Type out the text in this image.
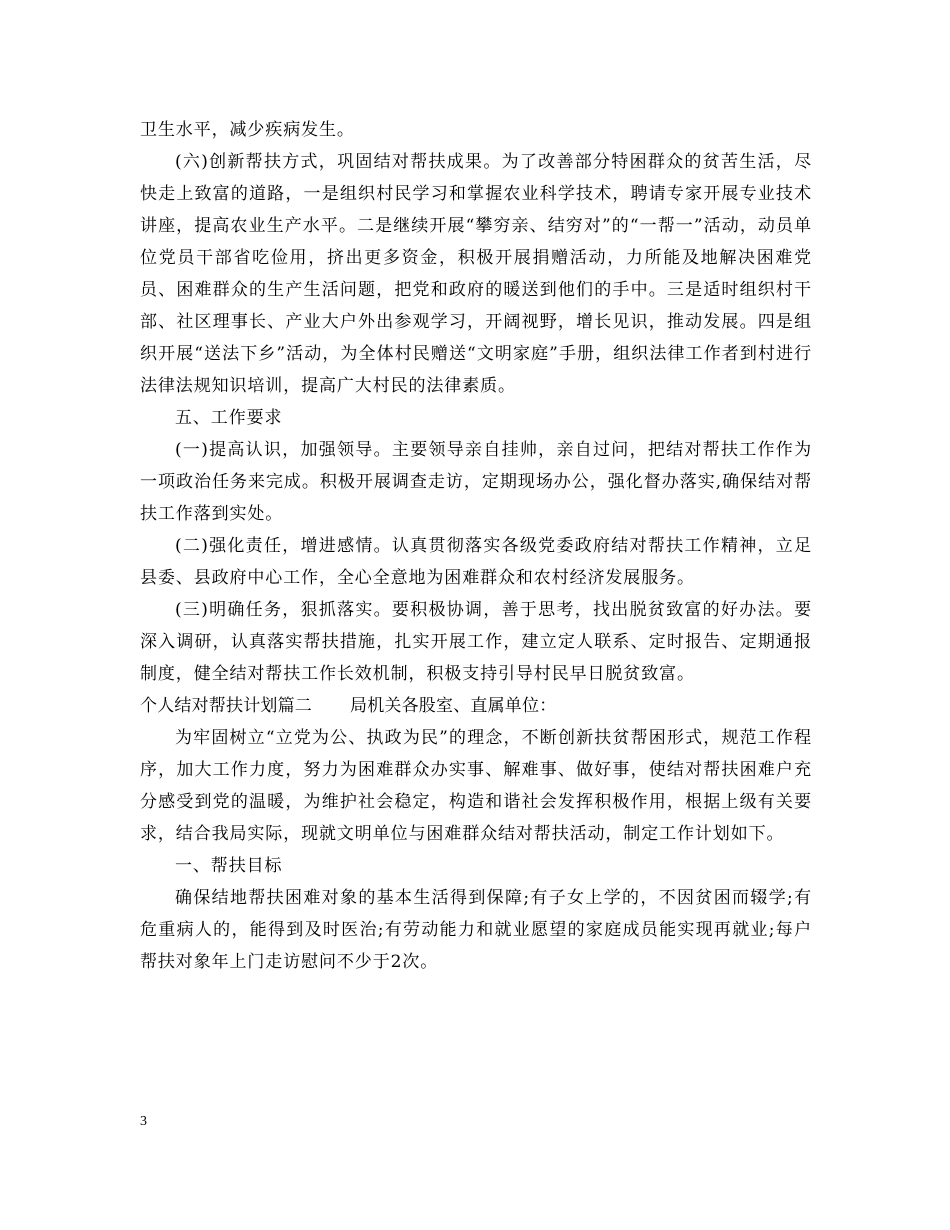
卫生水平，减少疾病发生。

(六)创新帮扶方式，巩固结对帮扶成果。为了改善部分特困群众的贫苦生活，尽快走上致富的道路，一是组织村民学习和掌握农业科学技术，聘请专家开展专业技术讲座，提高农业生产水平。二是继续开展“攀穷亲、结穷对”的“一帮一”活动，动员单位党员干部省吃俭用，挤出更多资金，积极开展捐赠活动，力所能及地解决困难党员、困难群众的生产生活问题，把党和政府的暖送到他们的手中。三是适时组织村干部、社区理事长、产业大户外出参观学习，开阔视野，增长见识，推动发展。四是组织开展“送法下乡”活动，为全体村民赠送“文明家庭”手册，组织法律工作者到村进行法律法规知识培训，提高广大村民的法律素质。

五、工作要求

(一)提高认识，加强领导。主要领导亲自挂帅，亲自过问，把结对帮扶工作作为一项政治任务来完成。积极开展调查走访，定期现场办公，强化督办落实,确保结对帮扶工作落到实处。

(二)强化责任，增进感情。认真贯彻落实各级党委政府结对帮扶工作精神，立足县委、县政府中心工作，全心全意地为困难群众和农村经济发展服务。

(三)明确任务，狠抓落实。要积极协调，善于思考，找出脱贫致富的好办法。要深入调研，认真落实帮扶措施，扎实开展工作，建立定人联系、定时报告、定期通报制度，健全结对帮扶工作长效机制，积极支持引导村民早日脱贫致富。

个人结对帮扶计划篇二 局机关各股室、直属单位：

为牢固树立“立党为公、执政为民”的理念，不断创新扶贫帮困形式，规范工作程序，加大工作力度，努力为困难群众办实事、解难事、做好事，使结对帮扶困难户充分感受到党的温暖，为维护社会稳定，构造和谐社会发挥积极作用，根据上级有关要求，结合我局实际，现就文明单位与困难群众结对帮扶活动，制定工作计划如下。

一、帮扶目标

确保结地帮扶困难对象的基本生活得到保障;有子女上学的，不因贫困而辍学;有危重病人的，能得到及时医治;有劳动能力和就业愿望的家庭成员能实现再就业;每户帮扶对象年上门走访慰问不少于2次。

3
